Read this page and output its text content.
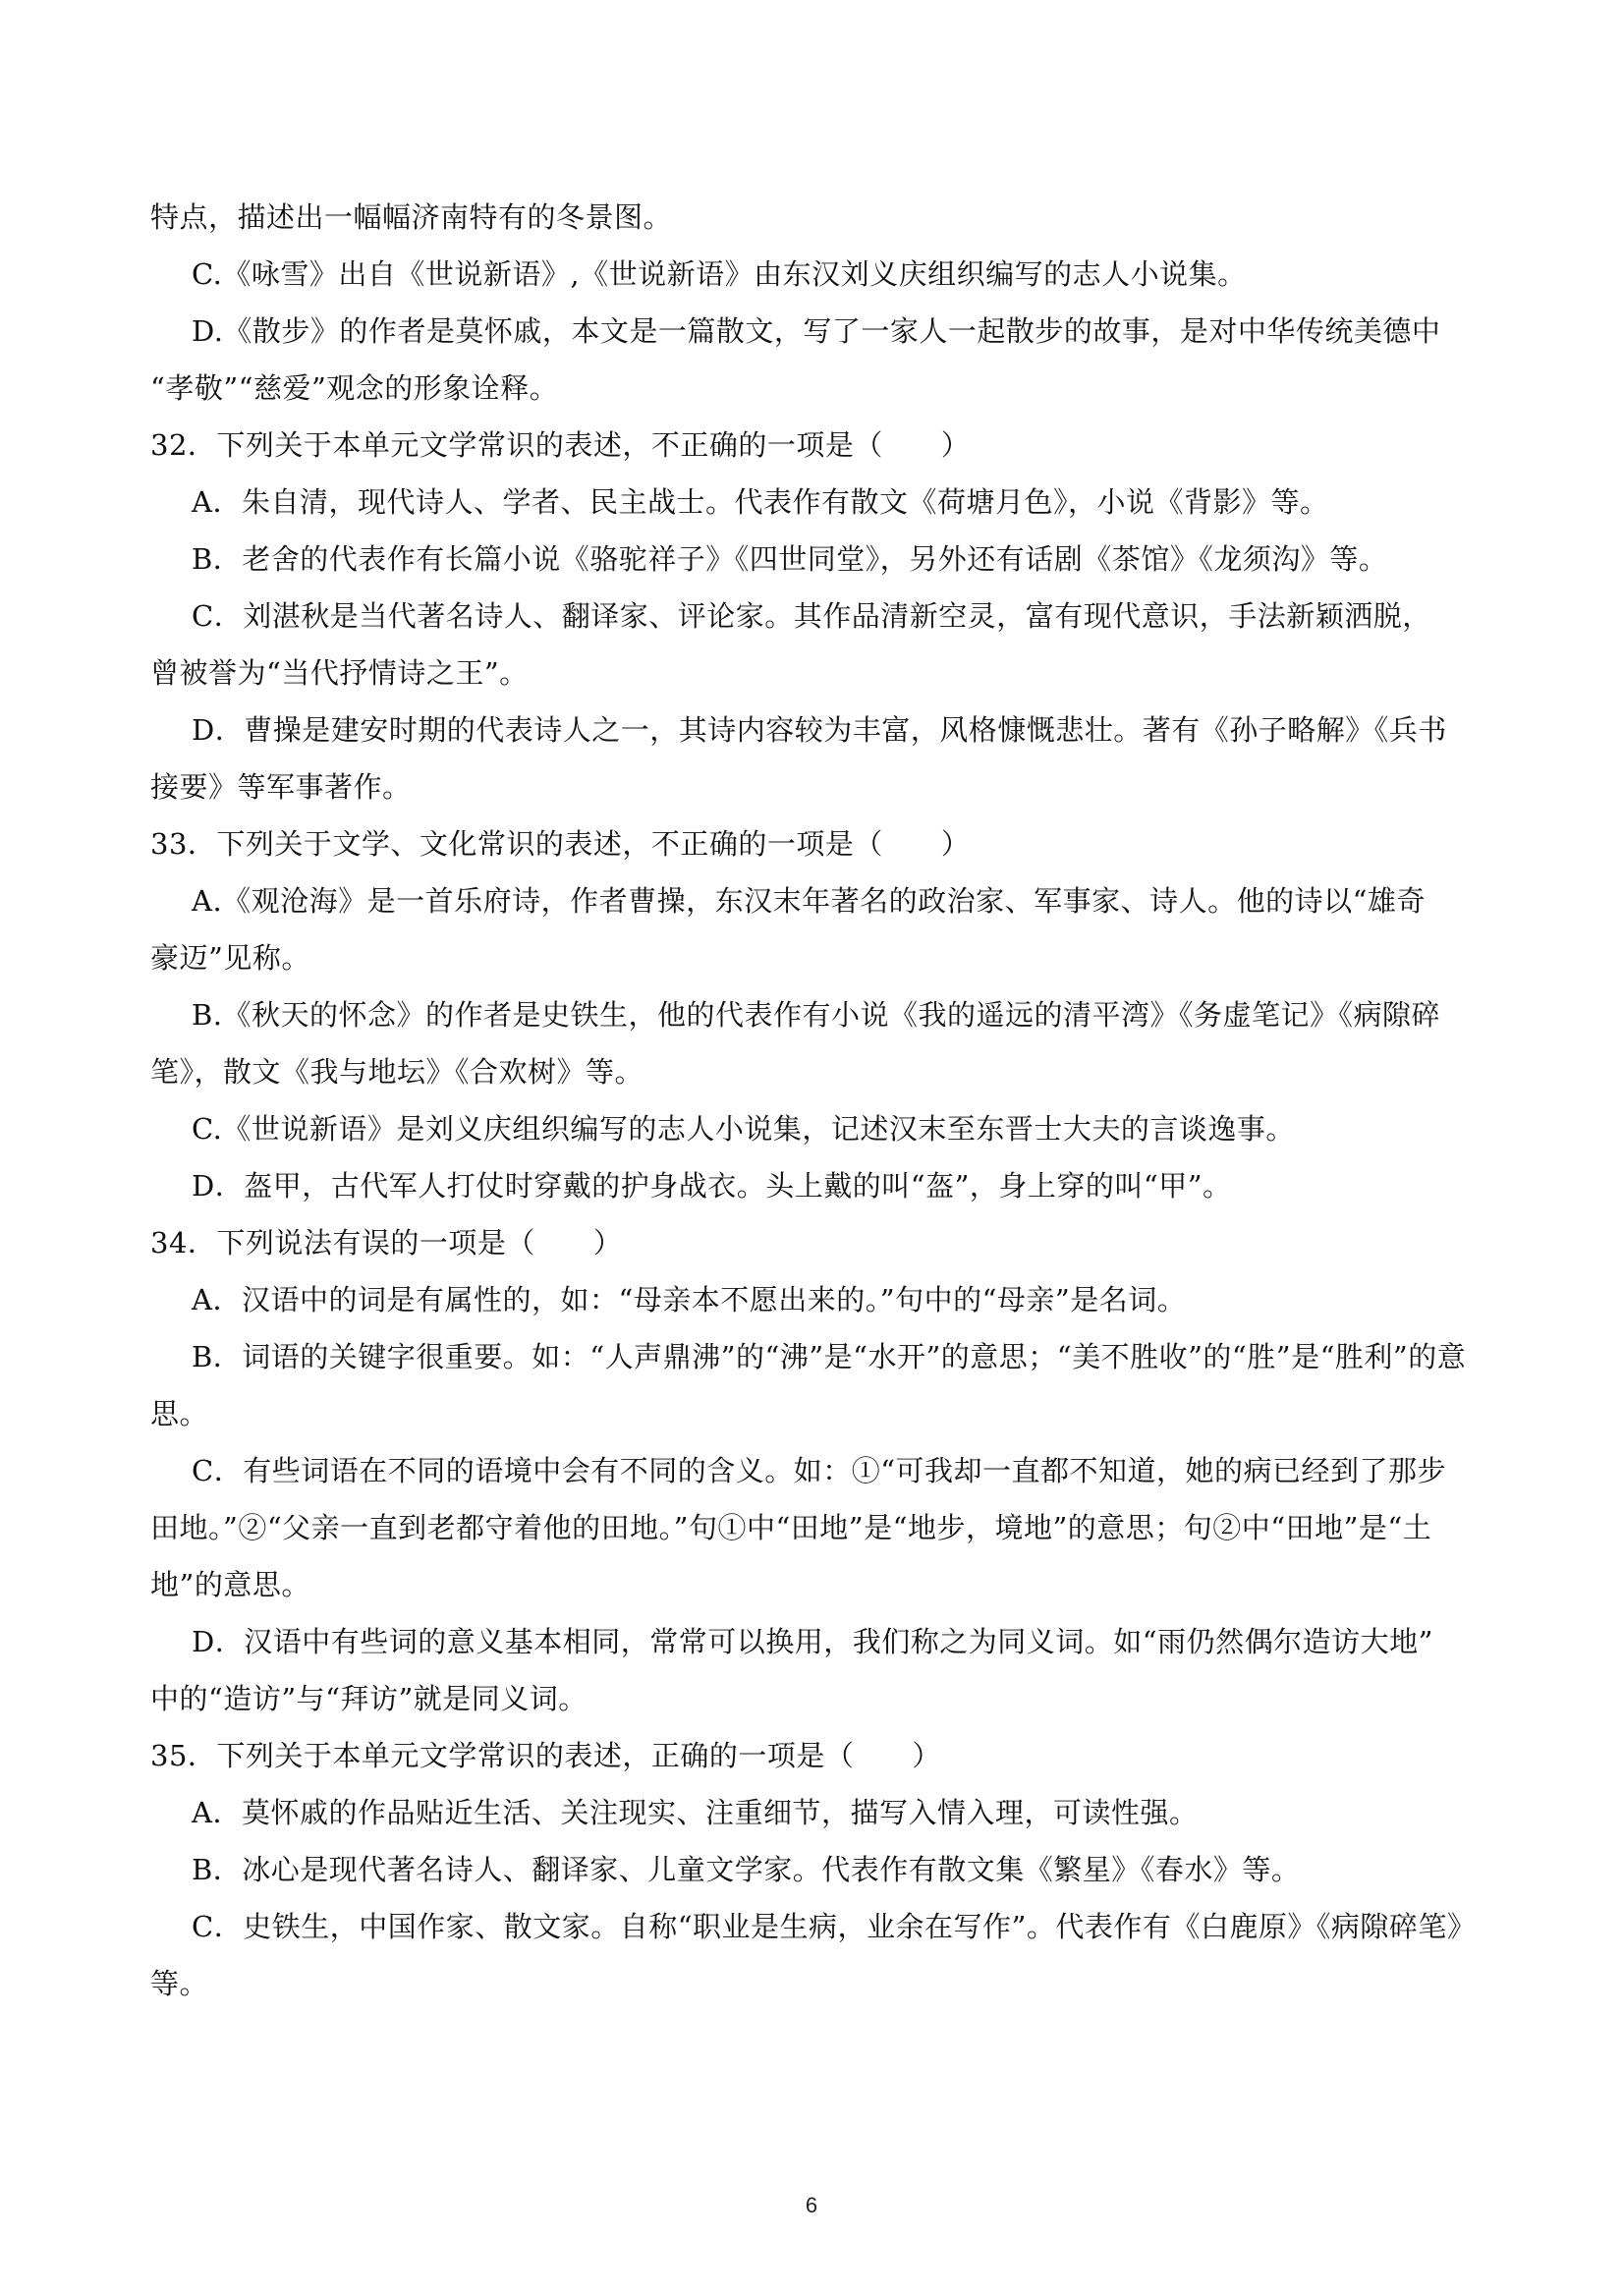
特点，描述出一幅幅济南特有的冬景图。
C.《咏雪》出自《世说新语》,《世说新语》由东汉刘义庆组织编写的志人小说集。
D.《散步》的作者是莫怀戚，本文是一篇散文，写了一家人一起散步的故事，是对中华传统美德中
“孝敬”“慈爱”观念的形象诠释。
32．下列关于本单元文学常识的表述，不正确的一项是（　　）
A．朱自清，现代诗人、学者、民主战士。代表作有散文《荷塘月色》，小说《背影》等。
B．老舍的代表作有长篇小说《骆驼祥子》《四世同堂》，另外还有话剧《茶馆》《龙须沟》等。
C．刘湛秋是当代著名诗人、翻译家、评论家。其作品清新空灵，富有现代意识，手法新颖洒脱，
曾被誉为“当代抒情诗之王”。
D．曹操是建安时期的代表诗人之一，其诗内容较为丰富，风格慷慨悲壮。著有《孙子略解》《兵书
接要》等军事著作。
33．下列关于文学、文化常识的表述，不正确的一项是（　　）
A.《观沧海》是一首乐府诗，作者曹操，东汉末年著名的政治家、军事家、诗人。他的诗以“雄奇
豪迈”见称。
B.《秋天的怀念》的作者是史铁生，他的代表作有小说《我的遥远的清平湾》《务虚笔记》《病隙碎
笔》，散文《我与地坛》《合欢树》等。
C.《世说新语》是刘义庆组织编写的志人小说集，记述汉末至东晋士大夫的言谈逸事。
D．盔甲，古代军人打仗时穿戴的护身战衣。头上戴的叫“盔”，身上穿的叫“甲”。
34．下列说法有误的一项是（　　）
A．汉语中的词是有属性的，如：“母亲本不愿出来的。”句中的“母亲”是名词。
B．词语的关键字很重要。如：“人声鼎沸”的“沸”是“水开”的意思；“美不胜收”的“胜”是“胜利”的意
思。
C．有些词语在不同的语境中会有不同的含义。如：①“可我却一直都不知道，她的病已经到了那步
田地。”②“父亲一直到老都守着他的田地。”句①中“田地”是“地步，境地”的意思；句②中“田地”是“土
地”的意思。
D．汉语中有些词的意义基本相同，常常可以换用，我们称之为同义词。如“雨仍然偶尔造访大地”
中的“造访”与“拜访”就是同义词。
35．下列关于本单元文学常识的表述，正确的一项是（　　）
A．莫怀戚的作品贴近生活、关注现实、注重细节，描写入情入理，可读性强。
B．冰心是现代著名诗人、翻译家、儿童文学家。代表作有散文集《繁星》《春水》等。
C．史铁生，中国作家、散文家。自称“职业是生病，业余在写作”。代表作有《白鹿原》《病隙碎笔》
等。
6
